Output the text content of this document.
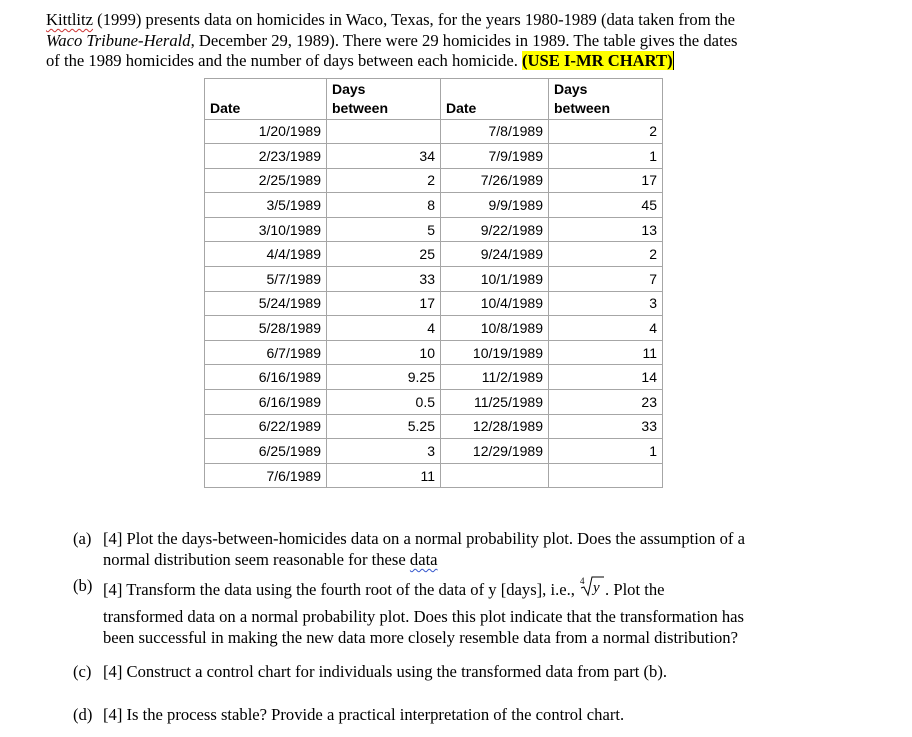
Kittlitz (1999) presents data on homicides in Waco, Texas, for the years 1980-1989 (data taken from the
Waco Tribune-Herald, December 29, 1989). There were 29 homicides in 1989. The table gives the dates
of the 1989 homicides and the number of days between each homicide. (USE I-MR CHART)
	Days		Days
Date	between	Date	between
1/20/1989		7/8/1989	2
2/23/1989	34	7/9/1989	1
2/25/1989	2	7/26/1989	17
3/5/1989	8	9/9/1989	45
3/10/1989	5	9/22/1989	13
4/4/1989	25	9/24/1989	2
5/7/1989	33	10/1/1989	7
5/24/1989	17	10/4/1989	3
5/28/1989	4	10/8/1989	4
6/7/1989	10	10/19/1989	11
6/16/1989	9.25	11/2/1989	14
6/16/1989	0.5	11/25/1989	23
6/22/1989	5.25	12/28/1989	33
6/25/1989	3	12/29/1989	1
7/6/1989	11		
(a) [4] Plot the days-between-homicides data on a normal probability plot. Does the assumption of a
normal distribution seem reasonable for these data
(b) [4] Transform the data using the fourth root of the data of y [days], i.e., 4 y . Plot the
transformed data on a normal probability plot. Does this plot indicate that the transformation has
been successful in making the new data more closely resemble data from a normal distribution?
(c) [4] Construct a control chart for individuals using the transformed data from part (b).
(d) [4] Is the process stable? Provide a practical interpretation of the control chart.
